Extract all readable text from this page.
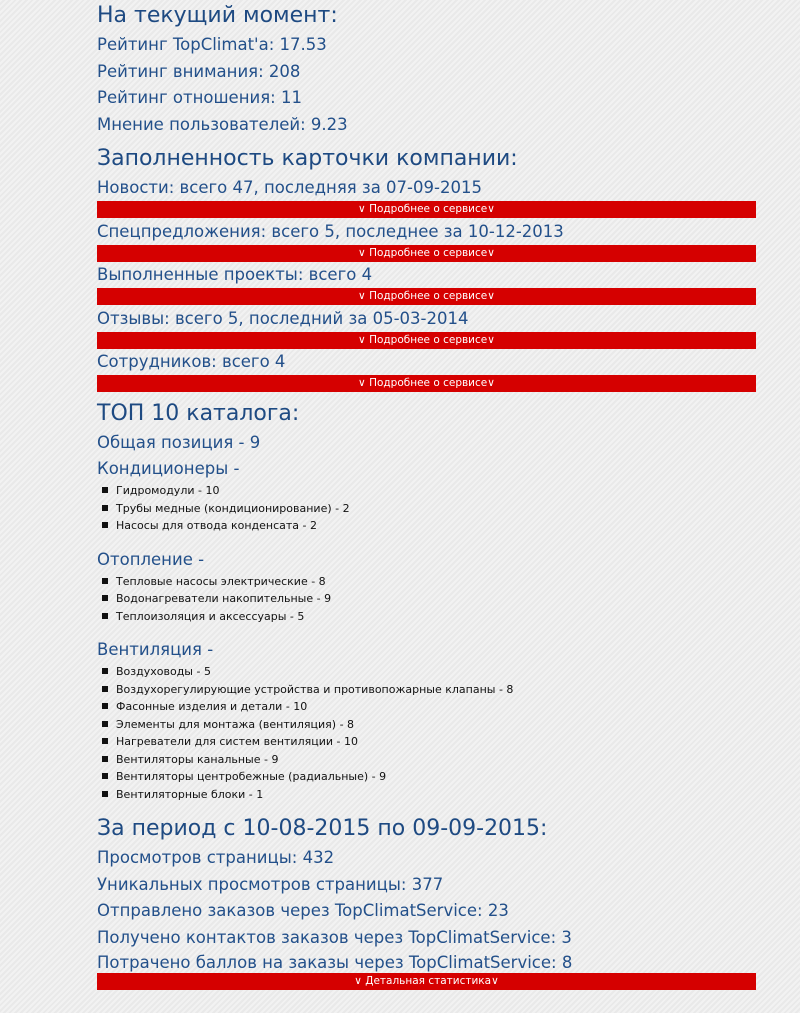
На текущий момент:
Рейтинг TopClimat'a: 17.53
Рейтинг внимания: 208
Рейтинг отношения: 11
Мнение пользователей: 9.23
Заполненность карточки компании:
Новости: всего 47, последняя за 07-09-2015
∨ Подробнее о сервисе∨
Спецпредложения: всего 5, последнее за 10-12-2013
∨ Подробнее о сервисе∨
Выполненные проекты: всего 4
∨ Подробнее о сервисе∨
Отзывы: всего 5, последний за 05-03-2014
∨ Подробнее о сервисе∨
Сотрудников: всего 4
∨ Подробнее о сервисе∨
ТОП 10 каталога:
Общая позиция - 9
Кондиционеры -
Гидромодули - 10
Трубы медные (кондиционирование) - 2
Насосы для отвода конденсата - 2
Отопление -
Тепловые насосы электрические - 8
Водонагреватели накопительные - 9
Теплоизоляция и аксессуары - 5
Вентиляция -
Воздуховоды - 5
Воздухорегулирующие устройства и противопожарные клапаны - 8
Фасонные изделия и детали - 10
Элементы для монтажа (вентиляция) - 8
Нагреватели для систем вентиляции - 10
Вентиляторы канальные - 9
Вентиляторы центробежные (радиальные) - 9
Вентиляторные блоки - 1
За период с 10-08-2015 по 09-09-2015:
Просмотров страницы: 432
Уникальных просмотров страницы: 377
Отправлено заказов через TopClimatService: 23
Получено контактов заказов через TopClimatService: 3
Потрачено баллов на заказы через TopClimatService: 8
∨ Детальная статистика∨
